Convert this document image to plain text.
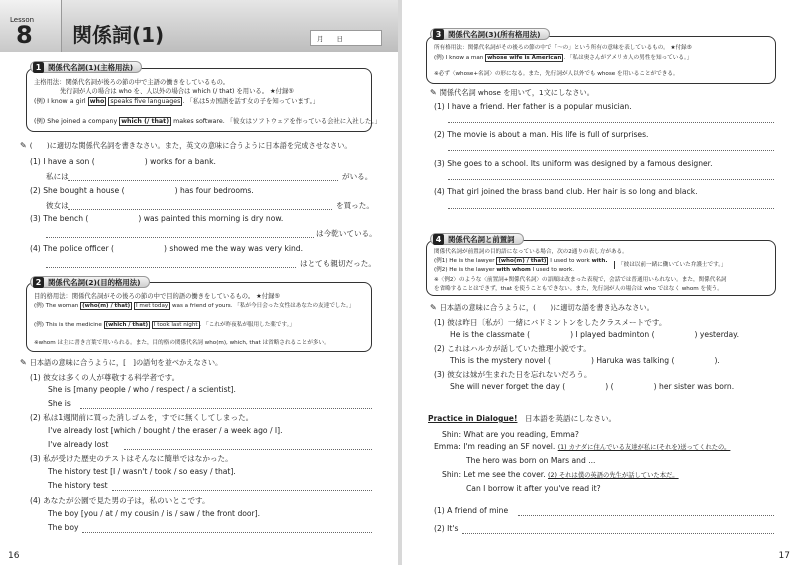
Lesson
8 関係詞(1)	月　　日
1 関係代名詞(1)(主格用法)
主格用法：関係代名詞が後ろの節の中で主語の働きをしているもの。
先行詞が人の場合は who を、人以外の場合は which (/ that) を用いる。 ★付録⑤
(例) I know a girl who speaks five languages . 「私は5カ国語を話す女の子を知っています。」
(例) She joined a company which (/ that) makes software. 「彼女はソフトウェアを作っている会社に入社した。」
✎ (　　)に適切な関係代名詞を書きなさい。また，英文の意味に合うように日本語を完成させなさい。
(1) I have a son (	) works for a bank.
私には	がいる。
(2) She bought a house (	) has four bedrooms.
彼女は	を買った。
(3) The bench (	) was painted this morning is dry now.
は今乾いている。
(4) The police officer (	) showed me the way was very kind.
はとても親切だった。
2 関係代名詞(2)(目的格用法)
目的格用法：関係代名詞がその後ろの節の中で目的語の働きをしているもの。 ★付録⑤
(例) The woman (who(m) / that) I met today was a friend of yours. 「私が今日会った女性はあなたの友達でした。」
(例) This is the medicine (which / that) I took last night . 「これが昨夜私が服用した薬です。」
※whom は主に書き言葉で用いられる。また，目的格の関係代名詞 who(m), which, that は省略されることが多い。
✎ 日本語の意味に合うように，[　]の語句を並べかえなさい。
(1) 彼女は多くの人が尊敬する科学者です。
She is [many people / who / respect / a scientist].
She is
(2) 私は1週間前に買った消しゴムを，すでに無くしてしまった。
I've already lost [which / bought / the eraser / a week ago / I].
I've already lost
(3) 私が受けた歴史のテストはそんなに簡単ではなかった。
The history test [I / wasn't / took / so easy / that].
The history test
(4) あなたが公園で見た男の子は，私のいとこです。
The boy [you / at / my cousin / is / saw / the front door].
The boy
16
3 関係代名詞(3)(所有格用法)
所有格用法：関係代名詞がその後ろの節の中で「〜の」という所有の意味を表しているもの。 ★付録⑤
(例) I know a man whose wife is American . 「私は奥さんがアメリカ人の男性を知っている。」
※必ず〈whose+名詞〉の形になる。また，先行詞が人以外でも whose を用いることができる。
✎ 関係代名詞 whose を用いて，1文にしなさい。
(1) I have a friend. Her father is a popular musician.
(2) The movie is about a man. His life is full of surprises.
(3) She goes to a school. Its uniform was designed by a famous designer.
(4) That girl joined the brass band club. Her hair is so long and black.
4 関係代名詞と前置詞
関係代名詞が前置詞の目的語になっている場合，次の2通りの表し方がある。
(例1) He is the lawyer (who(m) / that) I used to work with.
(例2) He is the lawyer with whom I used to work.
「彼は以前一緒に働いていた弁護士です。」
※〈例2〉のような〈前置詞+関係代名詞〉の語順は改まった表現で，会話では普通用いられない。また，関係代名詞
を省略することはできず，that を使うこともできない。また，先行詞が人の場合は who ではなく whom を使う。
✎ 日本語の意味に合うように，(　　)に適切な語を書き込みなさい。
(1) 彼は昨日〔私が〕一緒にバドミントンをしたクラスメートです。
He is the classmate (	) I played badminton (	) yesterday.
(2) これはハルカが話していた推理小説です。
This is the mystery novel (	) Haruka was talking (	).
(3) 彼女は妹が生まれた日を忘れないだろう。
She will never forget the day (	) (	) her sister was born.
Practice in Dialogue!　 日本語を英語にしなさい。
Shin: What are you reading, Emma?
Emma: I'm reading an SF novel. (1) カナダに住んでいる友達が私に(それを)送ってくれたの。
The hero was born on Mars and ...
Shin: Let me see the cover. (2) それは僕の英語の先生が話していた本だ。
Can I borrow it after you've read it?
(1) A friend of mine
(2) It's
17
